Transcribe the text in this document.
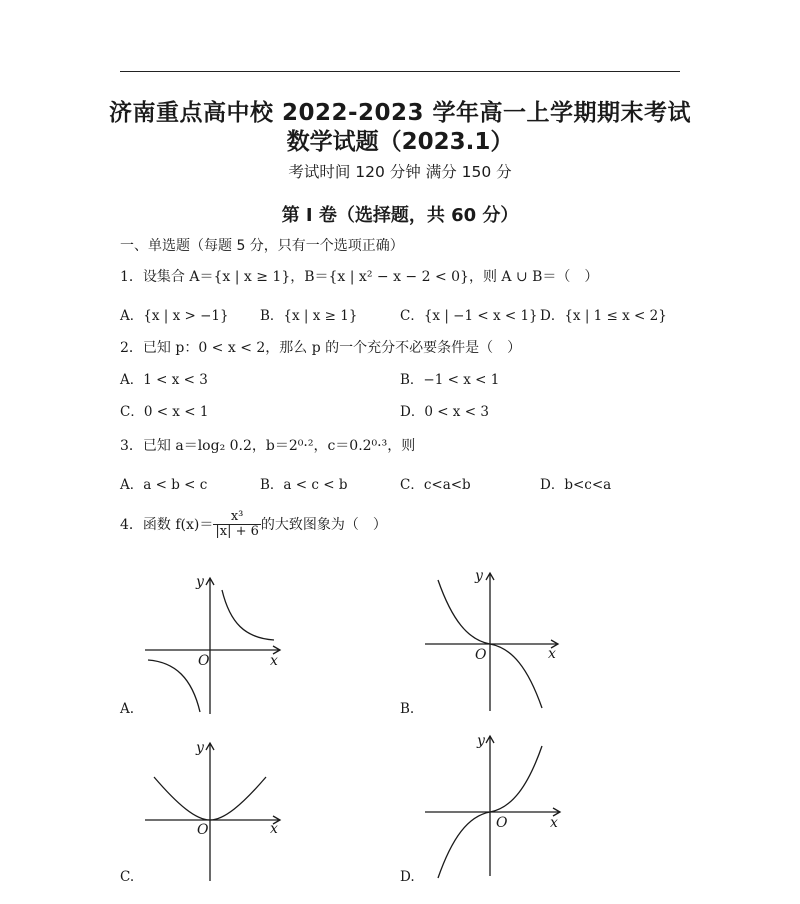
济南重点高中校 2022-2023 学年高一上学期期末考试
数学试题（2023.1）
考试时间 120 分钟 满分 150 分
第 I 卷（选择题，共 60 分）
一、单选题（每题 5 分，只有一个选项正确）
1．设集合 A＝{x | x ≥ 1}，B＝{x | x² − x − 2 < 0}，则 A ∪ B＝（　）
A．{x | x > −1} B．{x | x ≥ 1}	C．{x | −1 < x < 1} D．{x | 1 ≤ x < 2}
2．已知 p：0 < x < 2，那么 p 的一个充分不必要条件是（　）
A．1 < x < 3	B．−1 < x < 1
C．0 < x < 1	D．0 < x < 3
3．已知 a＝log₂ 0.2，b＝2⁰·²，c＝0.2⁰·³，则
A．a < b < c	B．a < c < b	C．c<a<b	D．b<c<a
4．函数 $f(x)= \frac{\text{x³}}{|x| + 6}$ 的大致图象为（　）
y
O	x
A.
y
O	x
B.
y
O	x
C.
y
O	x
D.
